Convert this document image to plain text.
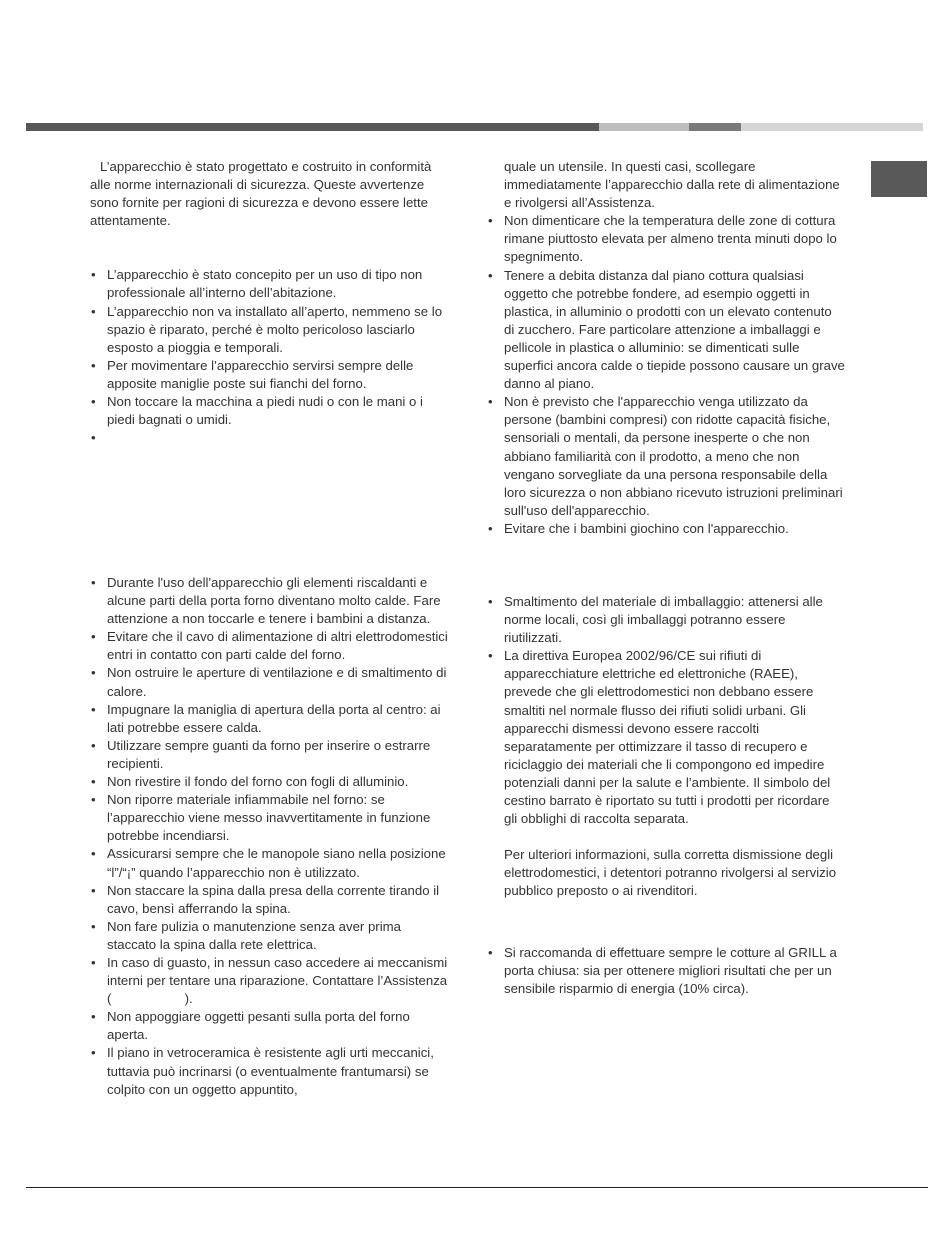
L’apparecchio è stato progettato e costruito in conformità alle norme internazionali di sicurezza. Queste avvertenze sono fornite per ragioni di sicurezza e devono essere lette attentamente.

• L’apparecchio è stato concepito per un uso di tipo non professionale all’interno dell’abitazione.
• L’apparecchio non va installato all’aperto, nemmeno se lo spazio è riparato, perché è molto pericoloso lasciarlo esposto a pioggia e temporali.
• Per movimentare l’apparecchio servirsi sempre delle apposite maniglie poste sui fianchi del forno.
• Non toccare la macchina a piedi nudi o con le mani o i piedi bagnati o umidi.
•
• Durante l'uso dell'apparecchio gli elementi riscaldanti e alcune parti della porta forno diventano molto calde. Fare attenzione a non toccarle e tenere i bambini a distanza.
• Evitare che il cavo di alimentazione di altri elettrodomestici entri in contatto con parti calde del forno.
• Non ostruire le aperture di ventilazione e di smaltimento di calore.
• Impugnare la maniglia di apertura della porta al centro: ai lati potrebbe essere calda.
• Utilizzare sempre guanti da forno per inserire o estrarre recipienti.
• Non rivestire il fondo del forno con fogli di alluminio.
• Non riporre materiale infiammabile nel forno: se l’apparecchio viene messo inavvertitamente in funzione potrebbe incendiarsi.
• Assicurarsi sempre che le manopole siano nella posizione “l”/“¡” quando l’apparecchio non è utilizzato.
• Non staccare la spina dalla presa della corrente tirando il cavo, bensì afferrando la spina.
• Non fare pulizia o manutenzione senza aver prima staccato la spina dalla rete elettrica.
• In caso di guasto, in nessun caso accedere ai meccanismi interni per tentare una riparazione. Contattare l’Assistenza (                    ).
• Non appoggiare oggetti pesanti sulla porta del forno aperta.
• Il piano in vetroceramica è resistente agli urti meccanici, tuttavia può incrinarsi (o eventualmente frantumarsi) se colpito con un oggetto appuntito,

quale un utensile. In questi casi, scollegare immediatamente l’apparecchio dalla rete di alimentazione e rivolgersi all’Assistenza.

• Non dimenticare che la temperatura delle zone di cottura rimane piuttosto elevata per almeno trenta minuti dopo lo spegnimento.
• Tenere a debita distanza dal piano cottura qualsiasi oggetto che potrebbe fondere, ad esempio oggetti in plastica, in alluminio o prodotti con un elevato contenuto di zucchero. Fare particolare attenzione a imballaggi e pellicole in plastica o alluminio: se dimenticati sulle superfici ancora calde o tiepide possono causare un grave danno al piano.
• Non è previsto che l'apparecchio venga utilizzato da persone (bambini compresi) con ridotte capacità fisiche, sensoriali o mentali, da persone inesperte o che non abbiano familiarità con il prodotto, a meno che non vengano sorvegliate da una persona responsabile della loro sicurezza o non abbiano ricevuto istruzioni preliminari sull'uso dell'apparecchio.
• Evitare che i bambini giochino con l'apparecchio.
• Smaltimento del materiale di imballaggio: attenersi alle norme locali, così gli imballaggi potranno essere riutilizzati.
• La direttiva Europea 2002/96/CE sui rifiuti di apparecchiature elettriche ed elettroniche (RAEE), prevede che gli elettrodomestici non debbano essere smaltiti nel normale flusso dei rifiuti solidi urbani. Gli apparecchi dismessi devono essere raccolti separatamente per ottimizzare il tasso di recupero e riciclaggio dei materiali che li compongono ed impedire potenziali danni per la salute e l’ambiente. Il simbolo del cestino barrato è riportato su tutti i prodotti per ricordare gli obblighi di raccolta separata.

Per ulteriori informazioni, sulla corretta dismissione degli elettrodomestici, i detentori potranno rivolgersi al servizio pubblico preposto o ai rivenditori.

• Si raccomanda di effettuare sempre le cotture al GRILL a porta chiusa: sia per ottenere migliori risultati che per un sensibile risparmio di energia (10% circa).
